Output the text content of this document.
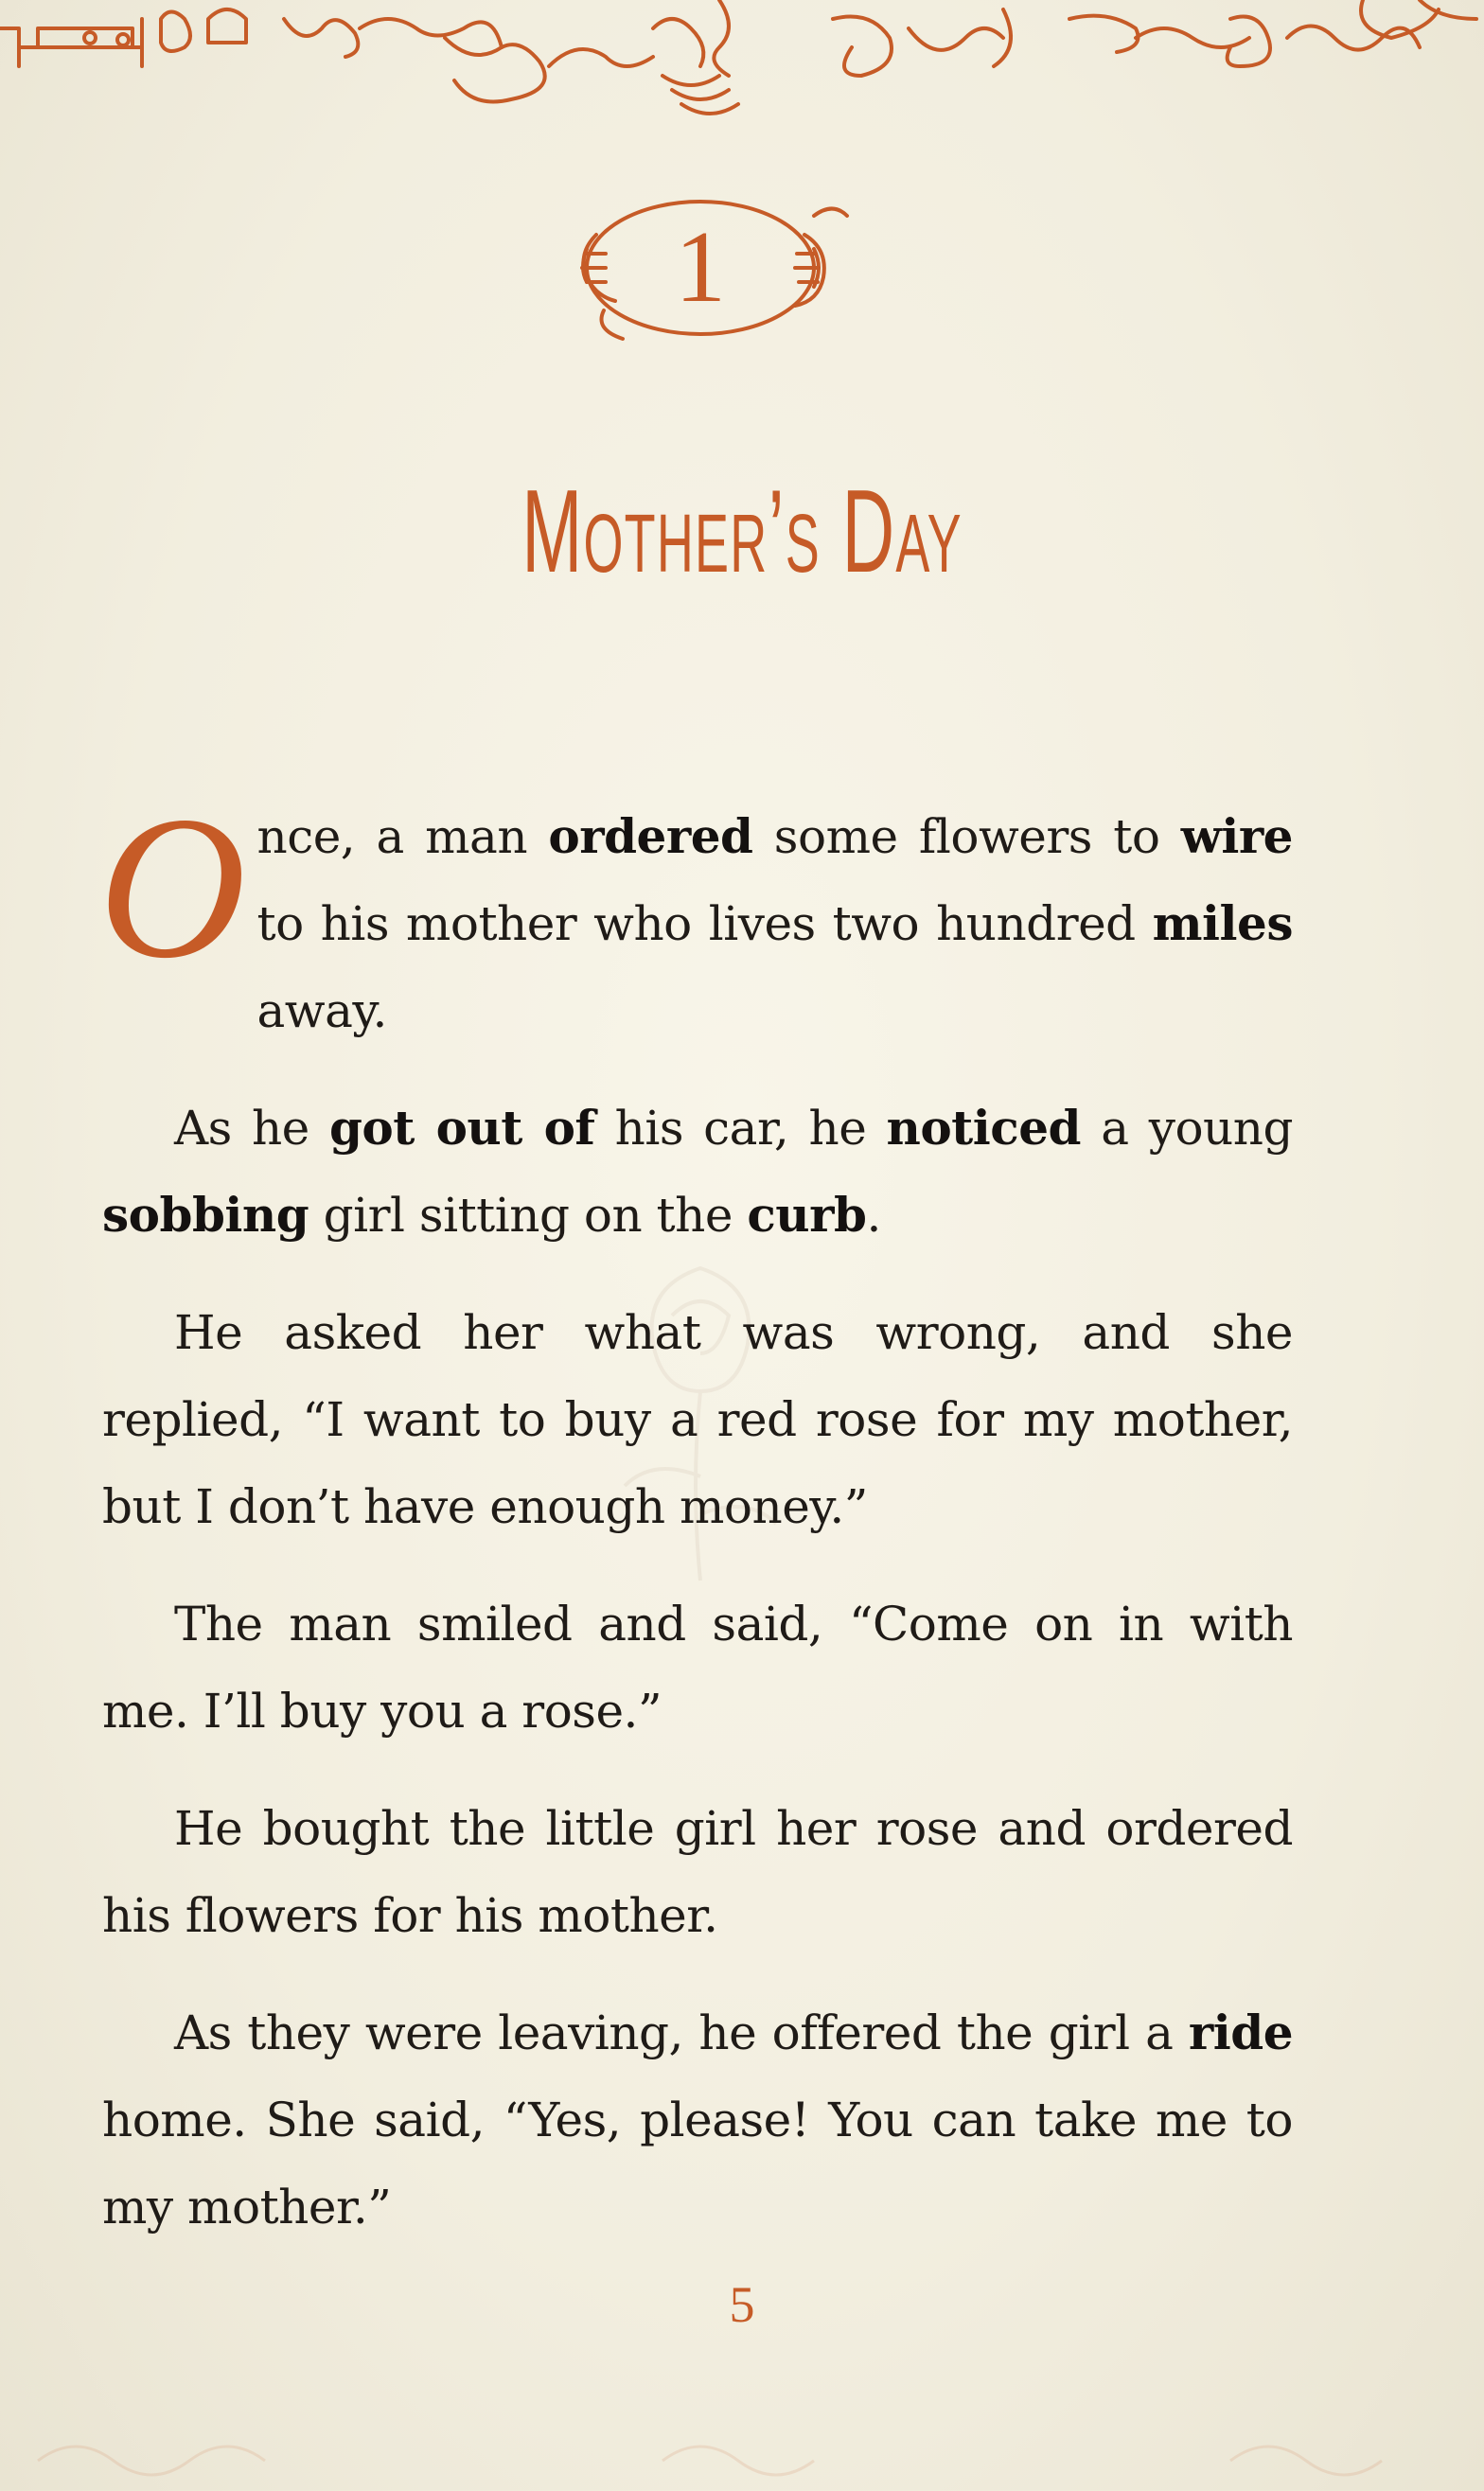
1
Mother’s Day

Once, a man ordered some flowers to wire to his mother who lives two hundred miles away.

As he got out of his car, he noticed a young sobbing girl sitting on the curb.

He asked her what was wrong, and she replied, “I want to buy a red rose for my mother, but I don’t have enough money.”

The man smiled and said, “Come on in with me. I’ll buy you a rose.”

He bought the little girl her rose and ordered his flowers for his mother.

As they were leaving, he offered the girl a ride home. She said, “Yes, please! You can take me to my mother.”

5
